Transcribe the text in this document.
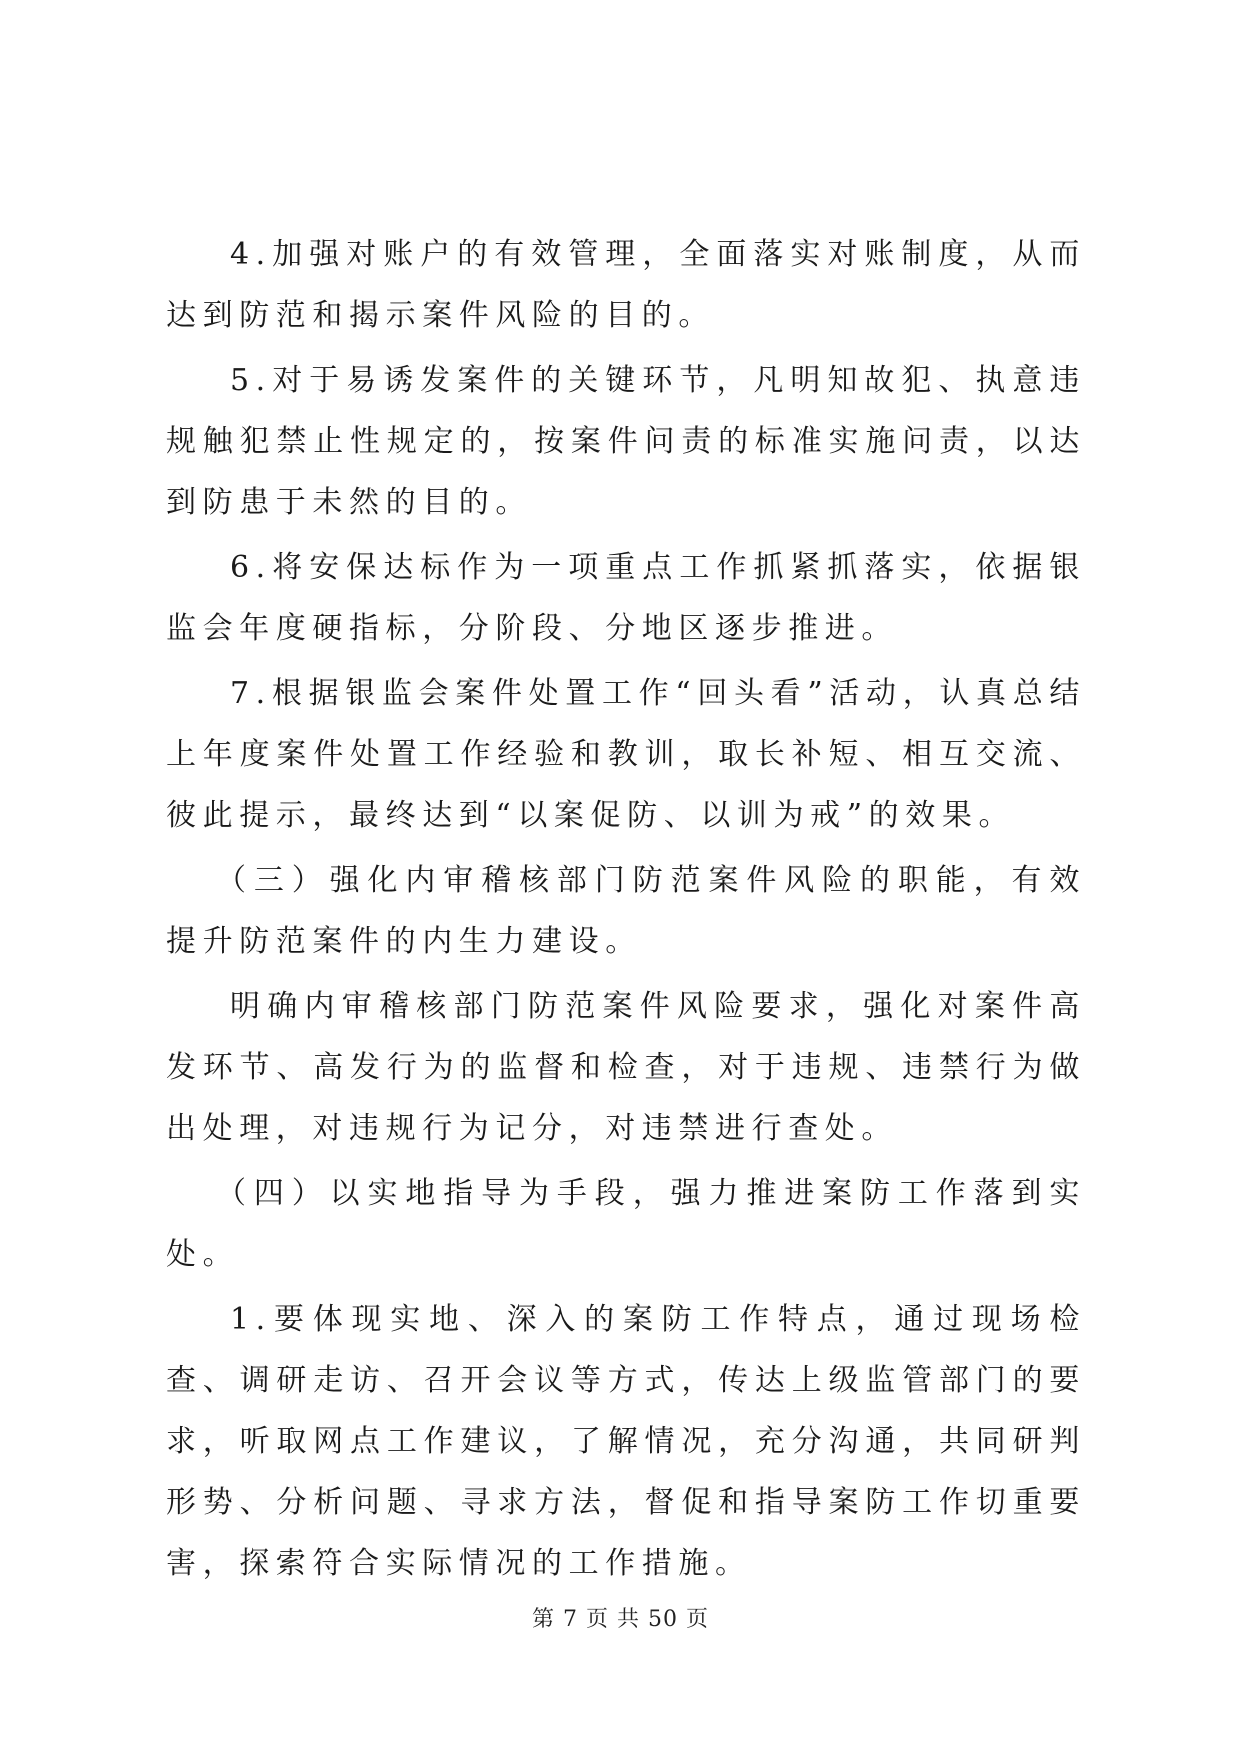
4.加强对账户的有效管理，全面落实对账制度，从而达到防范和揭示案件风险的目的。

5.对于易诱发案件的关键环节，凡明知故犯、执意违规触犯禁止性规定的，按案件问责的标准实施问责，以达到防患于未然的目的。

6.将安保达标作为一项重点工作抓紧抓落实，依据银监会年度硬指标，分阶段、分地区逐步推进。

7.根据银监会案件处置工作“回头看”活动，认真总结上年度案件处置工作经验和教训，取长补短、相互交流、彼此提示，最终达到“以案促防、以训为戒”的效果。

（三）强化内审稽核部门防范案件风险的职能，有效提升防范案件的内生力建设。

明确内审稽核部门防范案件风险要求，强化对案件高发环节、高发行为的监督和检查，对于违规、违禁行为做出处理，对违规行为记分，对违禁进行查处。

（四）以实地指导为手段，强力推进案防工作落到实处。

1.要体现实地、深入的案防工作特点，通过现场检查、调研走访、召开会议等方式，传达上级监管部门的要求，听取网点工作建议，了解情况，充分沟通，共同研判形势、分析问题、寻求方法，督促和指导案防工作切重要害，探索符合实际情况的工作措施。

第 7 页 共 50 页
